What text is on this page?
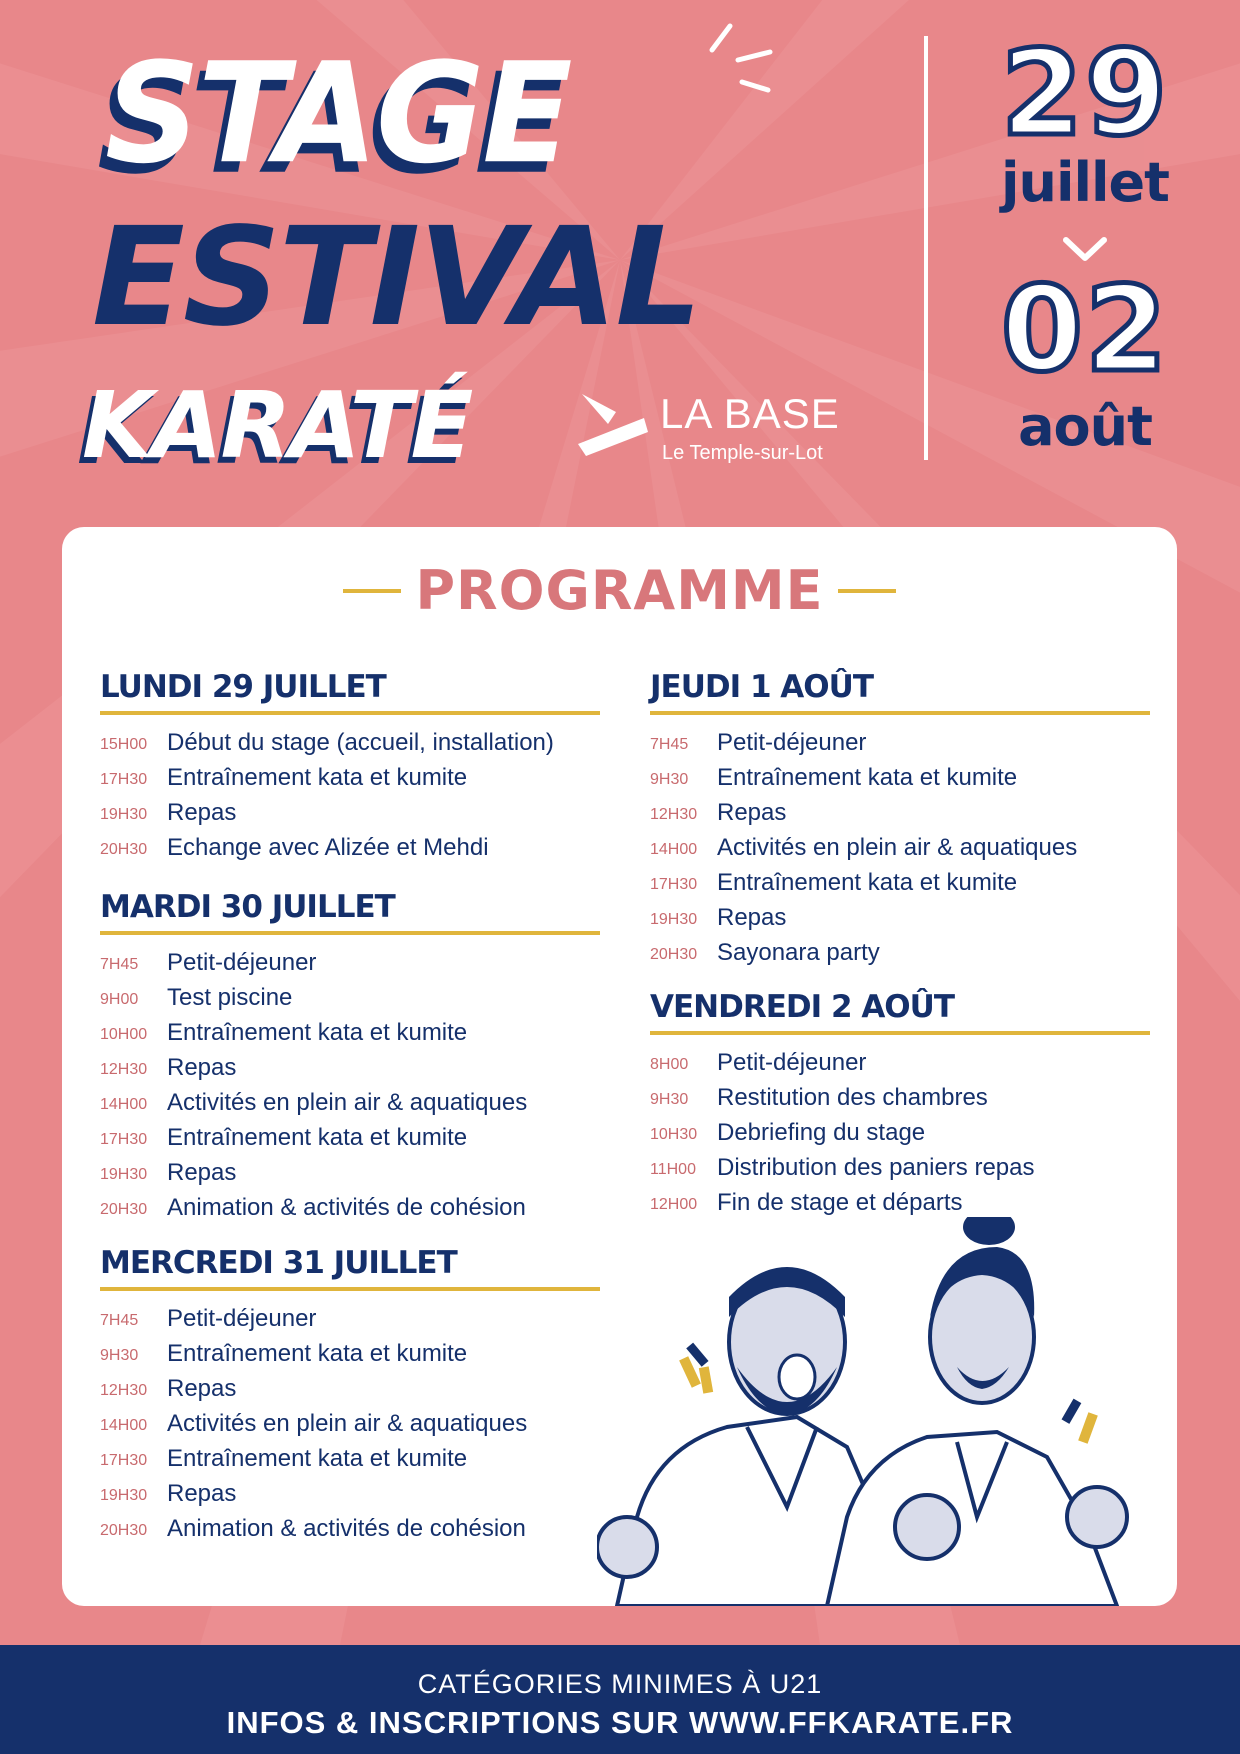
STAGE
ESTIVAL
KARATÉ	LA BASE
Le Temple-sur-Lot
29
juillet
02
août
PROGRAMME
LUNDI 29 JUILLET
15H00 Début du stage (accueil, installation)
17H30 Entraînement kata et kumite
19H30 Repas
20H30 Echange avec Alizée et Mehdi
MARDI 30 JUILLET
7H45	Petit-déjeuner
9H00	Test piscine
10H00 Entraînement kata et kumite
12H30 Repas
14H00 Activités en plein air & aquatiques
17H30 Entraînement kata et kumite
19H30 Repas
20H30 Animation & activités de cohésion
MERCREDI 31 JUILLET
7H45	Petit-déjeuner
9H30	Entraînement kata et kumite
12H30 Repas
14H00 Activités en plein air & aquatiques
17H30 Entraînement kata et kumite
19H30 Repas
20H30 Animation & activités de cohésion
JEUDI 1 AOÛT
7H45	Petit-déjeuner
9H30	Entraînement kata et kumite
12H30 Repas
14H00 Activités en plein air & aquatiques
17H30 Entraînement kata et kumite
19H30 Repas
20H30 Sayonara party
VENDREDI 2 AOÛT
8H00	Petit-déjeuner
9H30	Restitution des chambres
10H30 Debriefing du stage
11H00 Distribution des paniers repas
12H00 Fin de stage et départs
CATÉGORIES MINIMES À U21
INFOS & INSCRIPTIONS SUR WWW.FFKARATE.FR
